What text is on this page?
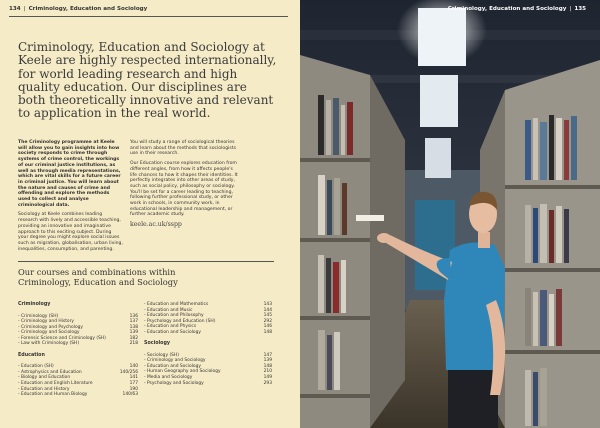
134 | Criminology, Education and Sociology
Criminology, Education and Sociology at
Keele are highly respected internationally,
for world leading research and high
quality education. Our disciplines are
both theoretically innovative and relevant
to application in the real world.

The Criminology programme at Keele will allow you to gain insights into how society responds to crime through systems of crime control, the workings of our criminal justice institutions, as well as through media representations, which are vital skills for a future career in criminal justice. You will learn about the nature and causes of crime and offending and explore the methods used to collect and analyse criminological data.

Sociology at Keele combines leading research with lively and accessible teaching, providing an innovative and imaginative approach to this exciting subject. During your degree you might explore social issues such as migration, globalisation, urban living, inequalities, consumption, and parenting.

You will study a range of sociological theories and learn about the methods that sociologists use in their research.

Our Education course explores education from different angles, from how it affects people's life chances to how it shapes their identities. It perfectly integrates into other areas of study, such as social policy, philosophy or sociology. You'll be set for a career leading to teaching, following further professional study, or other work in schools, in community work, in educational leadership and management, or further academic study.

keele.ac.uk/sspp

Our courses and combinations within
Criminology, Education and Sociology
Criminology
- Criminology (SH)	136
- Criminology and History	137
- Criminology and Psychology	138
- Criminology and Sociology	139
- Forensic Science and Criminology (SH)	182
- Law with Criminology (SH)	218
Education
- Education (SH)	140
- Astrophysics and Education	140/256
- Biology and Education	141
- Education and English Literature	177
- Education and History	190
- Education and Human Biology	140/63
- Education and Mathematics	143
- Education and Music	144
- Education and Philosophy	145
- Psychology and Education (SH)	292
- Education and Physics	146
- Education and Sociology	148
Sociology
- Sociology (SH)	147
- Criminology and Sociology	139
- Education and Sociology	148
- Human Geography and Sociology	210
- Media and Sociology	149
- Psychology and Sociology	293
Criminology, Education and Sociology | 135
